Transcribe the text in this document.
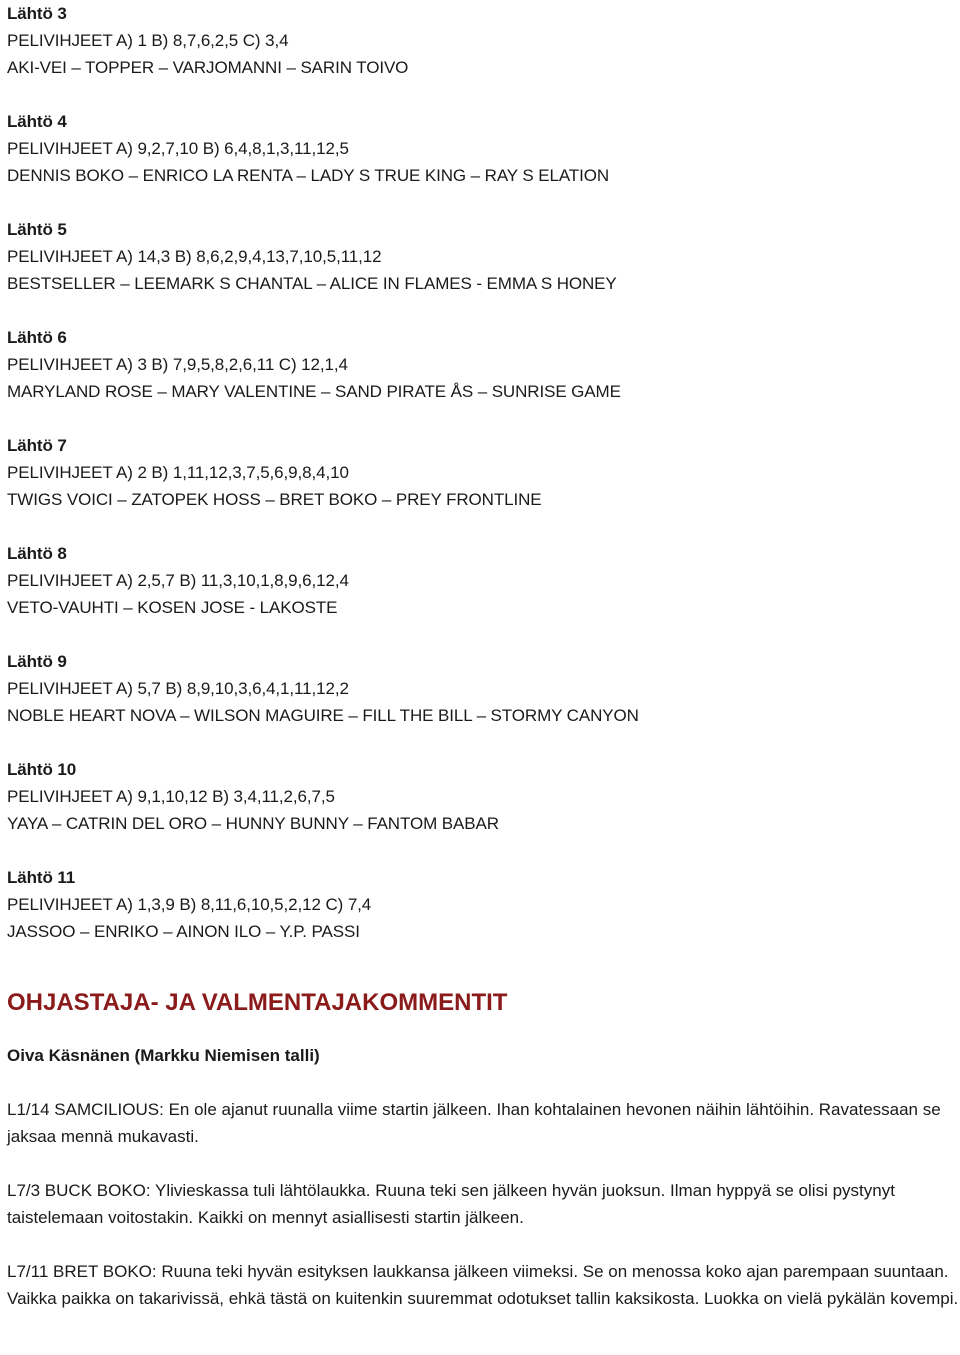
Lähtö 3
PELIVIHJEET A) 1 B) 8,7,6,2,5 C) 3,4
AKI-VEI – TOPPER – VARJOMANNI – SARIN TOIVO
Lähtö 4
PELIVIHJEET A) 9,2,7,10 B) 6,4,8,1,3,11,12,5
DENNIS BOKO – ENRICO LA RENTA – LADY S TRUE KING – RAY S ELATION
Lähtö 5
PELIVIHJEET A) 14,3 B) 8,6,2,9,4,13,7,10,5,11,12
BESTSELLER – LEEMARK S CHANTAL – ALICE IN FLAMES - EMMA S HONEY
Lähtö 6
PELIVIHJEET A) 3 B) 7,9,5,8,2,6,11 C) 12,1,4
MARYLAND ROSE – MARY VALENTINE – SAND PIRATE ÅS – SUNRISE GAME
Lähtö 7
PELIVIHJEET A) 2 B) 1,11,12,3,7,5,6,9,8,4,10
TWIGS VOICI – ZATOPEK HOSS – BRET BOKO – PREY FRONTLINE
Lähtö 8
PELIVIHJEET A) 2,5,7 B) 11,3,10,1,8,9,6,12,4
VETO-VAUHTI – KOSEN JOSE - LAKOSTE
Lähtö 9
PELIVIHJEET A) 5,7 B) 8,9,10,3,6,4,1,11,12,2
NOBLE HEART NOVA – WILSON MAGUIRE – FILL THE BILL – STORMY CANYON
Lähtö 10
PELIVIHJEET A) 9,1,10,12 B) 3,4,11,2,6,7,5
YAYA – CATRIN DEL ORO – HUNNY BUNNY – FANTOM BABAR
Lähtö 11
PELIVIHJEET A) 1,3,9 B) 8,11,6,10,5,2,12 C) 7,4
JASSOO – ENRIKO – AINON ILO – Y.P. PASSI
OHJASTAJA- JA VALMENTAJAKOMMENTIT
Oiva Käsnänen (Markku Niemisen talli)
L1/14 SAMCILIOUS: En ole ajanut ruunalla viime startin jälkeen. Ihan kohtalainen hevonen näihin lähtöihin. Ravatessaan se jaksaa mennä mukavasti.
L7/3 BUCK BOKO: Ylivieskassa tuli lähtölaukka. Ruuna teki sen jälkeen hyvän juoksun. Ilman hyppyä se olisi pystynyt taistelemaan voitostakin. Kaikki on mennyt asiallisesti startin jälkeen.
L7/11 BRET BOKO: Ruuna teki hyvän esityksen laukkansa jälkeen viimeksi. Se on menossa koko ajan parempaan suuntaan. Vaikka paikka on takarivissä, ehkä tästä on kuitenkin suuremmat odotukset tallin kaksikosta. Luokka on vielä pykälän kovempi.
